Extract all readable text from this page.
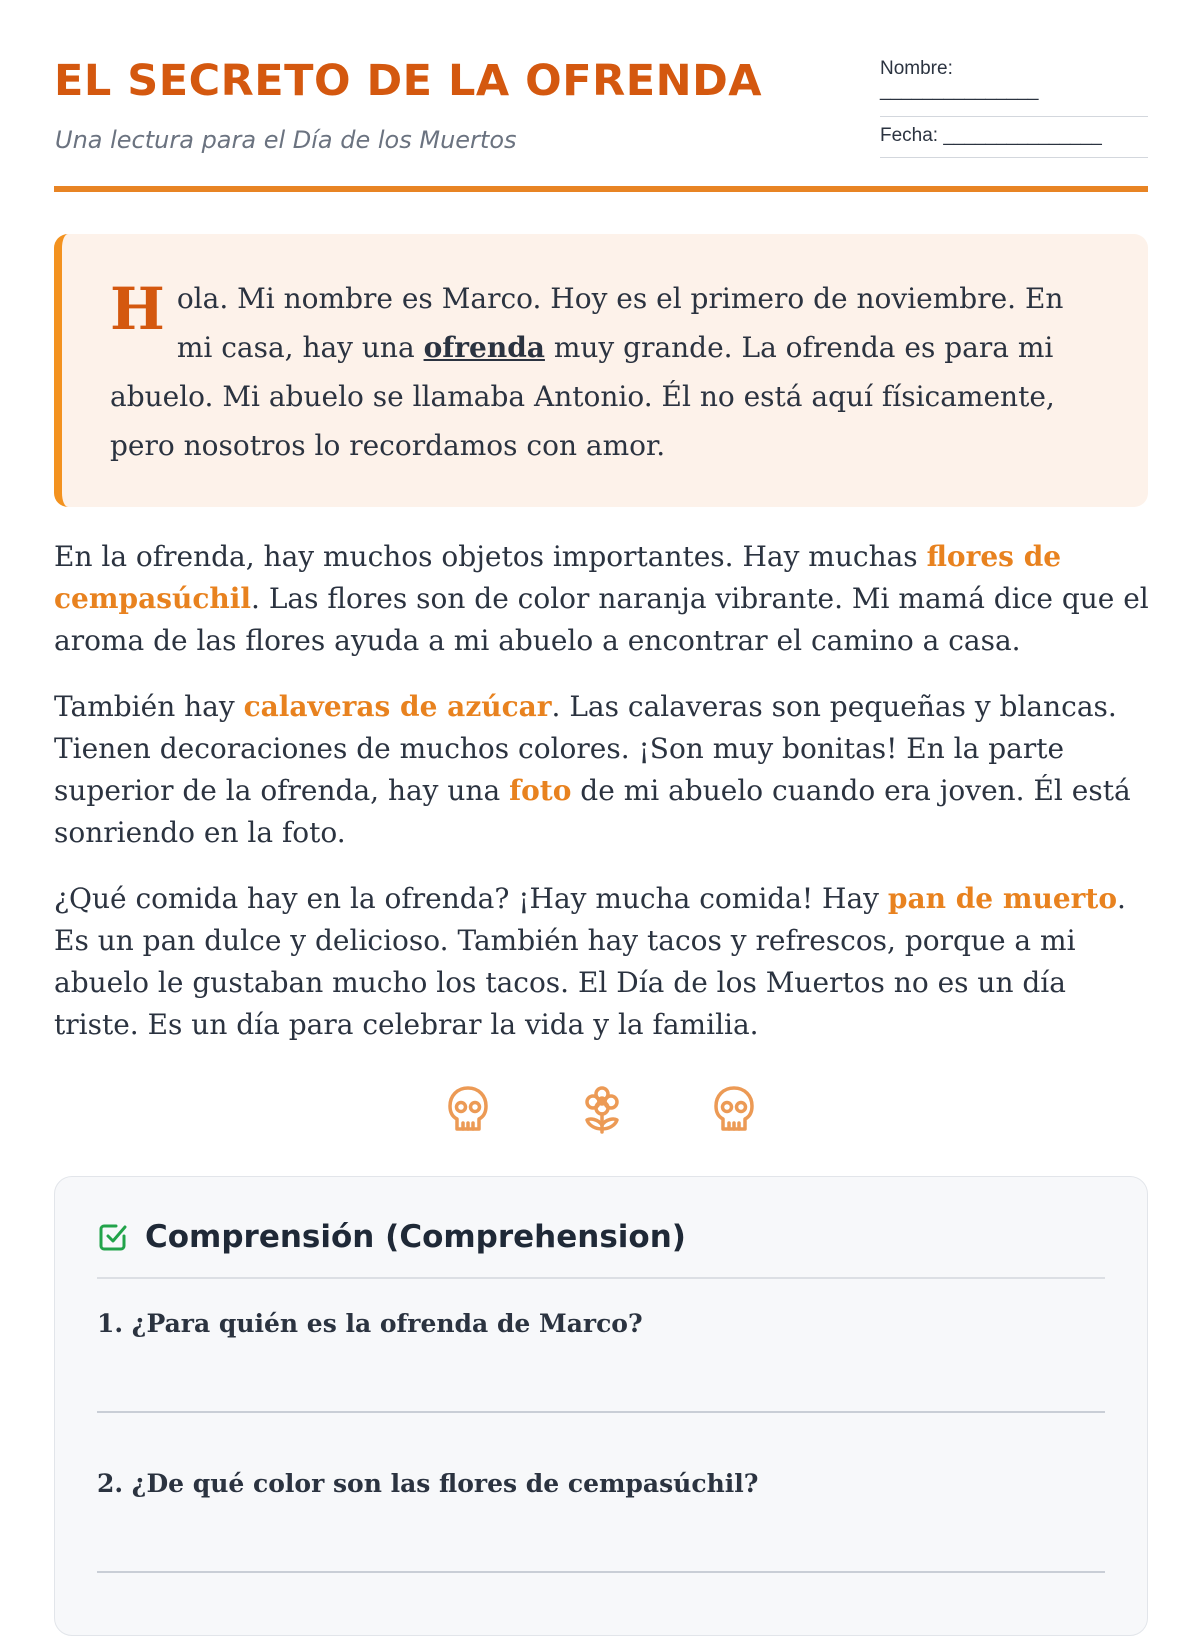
EL SECRETO DE LA OFRENDA
Una lectura para el Día de los Muertos
Nombre:
_______________
Fecha: _______________
Hola. Mi nombre es Marco. Hoy es el primero de noviembre. En mi casa, hay una ofrenda muy grande. La ofrenda es para mi abuelo. Mi abuelo se llamaba Antonio. Él no está aquí físicamente, pero nosotros lo recordamos con amor.

En la ofrenda, hay muchos objetos importantes. Hay muchas flores de cempasúchil. Las flores son de color naranja vibrante. Mi mamá dice que el aroma de las flores ayuda a mi abuelo a encontrar el camino a casa.

También hay calaveras de azúcar. Las calaveras son pequeñas y blancas. Tienen decoraciones de muchos colores. ¡Son muy bonitas! En la parte superior de la ofrenda, hay una foto de mi abuelo cuando era joven. Él está sonriendo en la foto.

¿Qué comida hay en la ofrenda? ¡Hay mucha comida! Hay pan de muerto. Es un pan dulce y delicioso. También hay tacos y refrescos, porque a mi abuelo le gustaban mucho los tacos. El Día de los Muertos no es un día triste. Es un día para celebrar la vida y la familia.

Comprensión (Comprehension)
1. ¿Para quién es la ofrenda de Marco?
2. ¿De qué color son las flores de cempasúchil?
